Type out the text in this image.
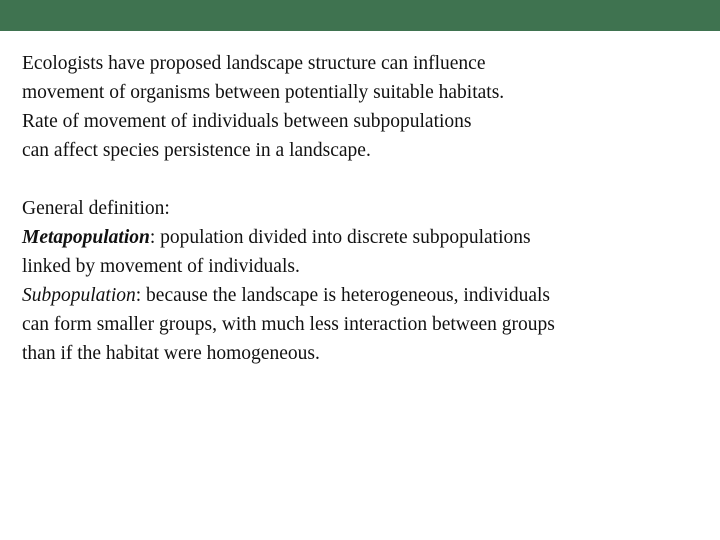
Ecologists have proposed landscape structure can influence
movement of organisms between potentially suitable habitats.
Rate of movement of individuals between subpopulations
can affect species persistence in a landscape.
General definition:
Metapopulation: population divided into discrete subpopulations
linked by movement of individuals.
Subpopulation: because the landscape is heterogeneous, individuals
can form smaller groups, with much less interaction between groups
than if the habitat were homogeneous.
